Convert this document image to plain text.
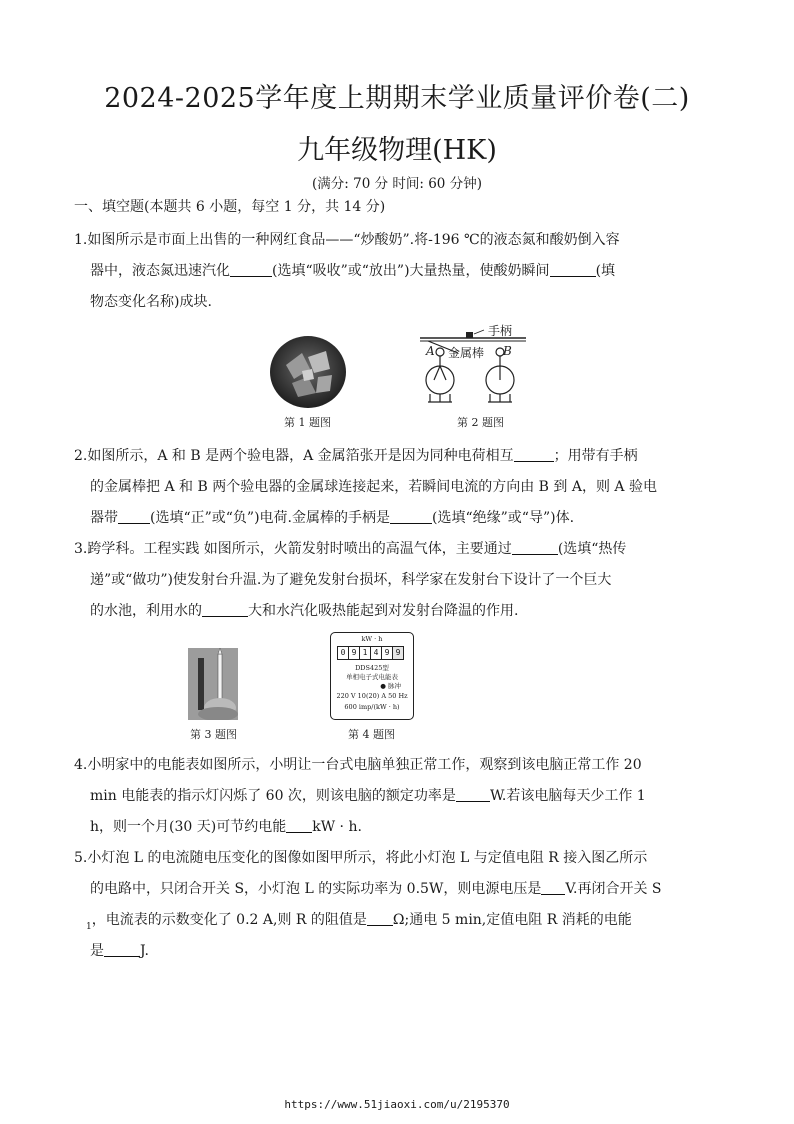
2024-2025学年度上期期末学业质量评价卷(二)
九年级物理(HK)
(满分: 70 分 时间: 60 分钟)
一、填空题(本题共 6 小题，每空 1 分，共 14 分)
1.如图所示是市面上出售的一种网红食品——“炒酸奶”.将-196 ℃的液态氮和酸奶倒入容
器中，液态氮迅速汽化	(选填“吸收”或“放出”)大量热量，使酸奶瞬间	(填
物态变化名称)成块.
第 1 题图
手柄
金属棒
A	B
第 2 题图
2.如图所示，A 和 B 是两个验电器，A 金属箔张开是因为同种电荷相互	；用带有手柄
的金属棒把 A 和 B 两个验电器的金属球连接起来，若瞬间电流的方向由 B 到 A，则 A 验电
器带 (选填“正”或“负”)电荷.金属棒的手柄是	(选填“绝缘”或“导”)体.
3.跨学科。工程实践 如图所示，火箭发射时喷出的高温气体，主要通过	(选填“热传
递”或“做功”)使发射台升温.为了避免发射台损坏，科学家在发射台下设计了一个巨大
的水池，利用水的	大和水汽化吸热能起到对发射台降温的作用.
第 3 题图
kW · h
0 9 1 4 9 9
DDS425型
单相电子式电能表
● 脉冲
220 V 10(20) A 50 Hz
600 imp/(kW · h)
第 4 题图
4.小明家中的电能表如图所示，小明让一台式电脑单独正常工作，观察到该电脑正常工作 20
min 电能表的指示灯闪烁了 60 次，则该电脑的额定功率是 W.若该电脑每天少工作 1
h，则一个月(30 天)可节约电能 kW · h.
5.小灯泡 L 的电流随电压变化的图像如图甲所示，将此小灯泡 L 与定值电阻 R 接入图乙所示
的电路中，只闭合开关 S，小灯泡 L 的实际功率为 0.5W，则电源电压是 V.再闭合开关 S
$_1$，电流表的示数变化了 0.2 A,则 R 的阻值是 Ω;通电 5 min,定值电阻 R 消耗的电能
是	J.
https://www.51jiaoxi.com/u/2195370
